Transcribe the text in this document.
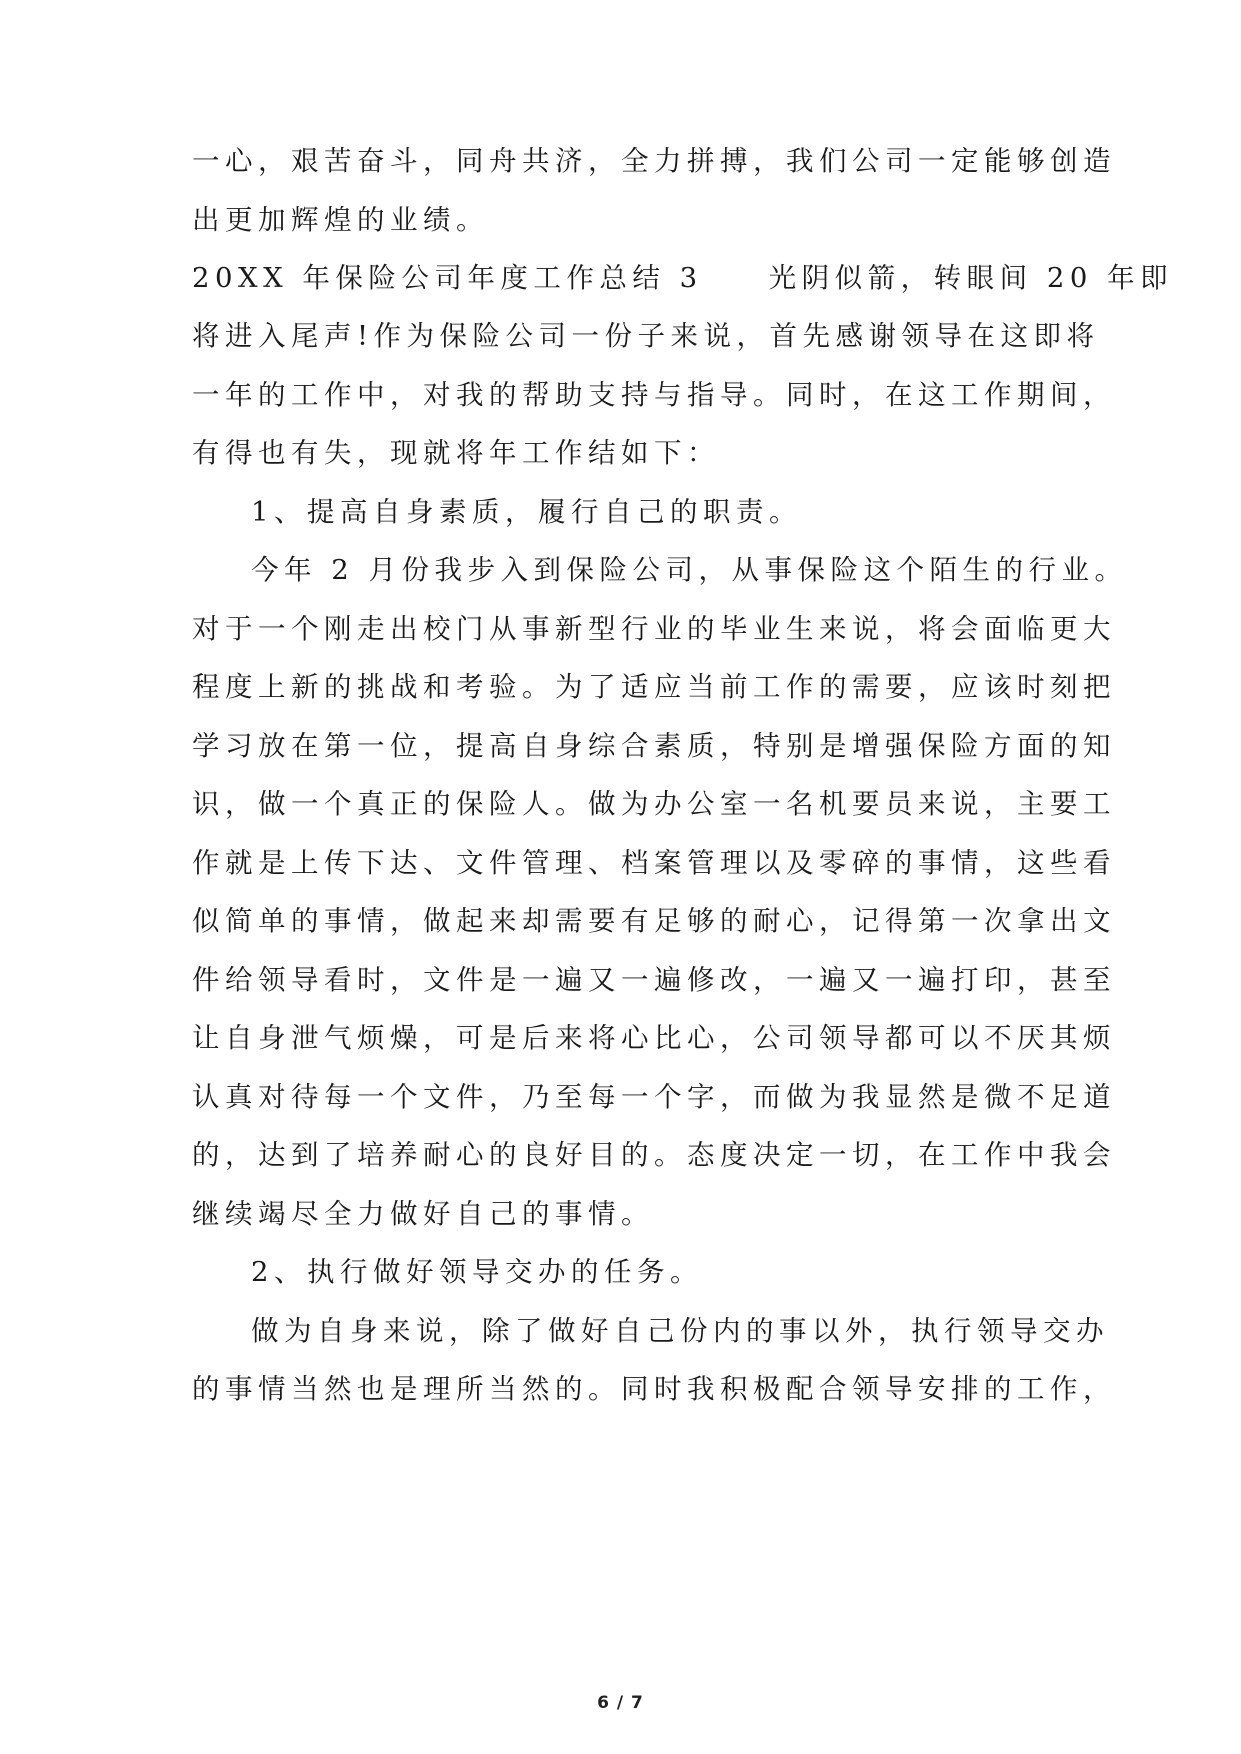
一心，艰苦奋斗，同舟共济，全力拼搏，我们公司一定能够创造
出更加辉煌的业绩。
20XX 年保险公司年度工作总结 3　　光阴似箭，转眼间 20 年即
将进入尾声!作为保险公司一份子来说，首先感谢领导在这即将
一年的工作中，对我的帮助支持与指导。同时，在这工作期间，
有得也有失，现就将年工作结如下：
1、提高自身素质，履行自己的职责。
今年 2 月份我步入到保险公司，从事保险这个陌生的行业。
对于一个刚走出校门从事新型行业的毕业生来说，将会面临更大
程度上新的挑战和考验。为了适应当前工作的需要，应该时刻把
学习放在第一位，提高自身综合素质，特别是增强保险方面的知
识，做一个真正的保险人。做为办公室一名机要员来说，主要工
作就是上传下达、文件管理、档案管理以及零碎的事情，这些看
似简单的事情，做起来却需要有足够的耐心，记得第一次拿出文
件给领导看时，文件是一遍又一遍修改，一遍又一遍打印，甚至
让自身泄气烦燥，可是后来将心比心，公司领导都可以不厌其烦
认真对待每一个文件，乃至每一个字，而做为我显然是微不足道
的，达到了培养耐心的良好目的。态度决定一切，在工作中我会
继续竭尽全力做好自己的事情。
2、执行做好领导交办的任务。
做为自身来说，除了做好自己份内的事以外，执行领导交办
的事情当然也是理所当然的。同时我积极配合领导安排的工作，
6 / 7
